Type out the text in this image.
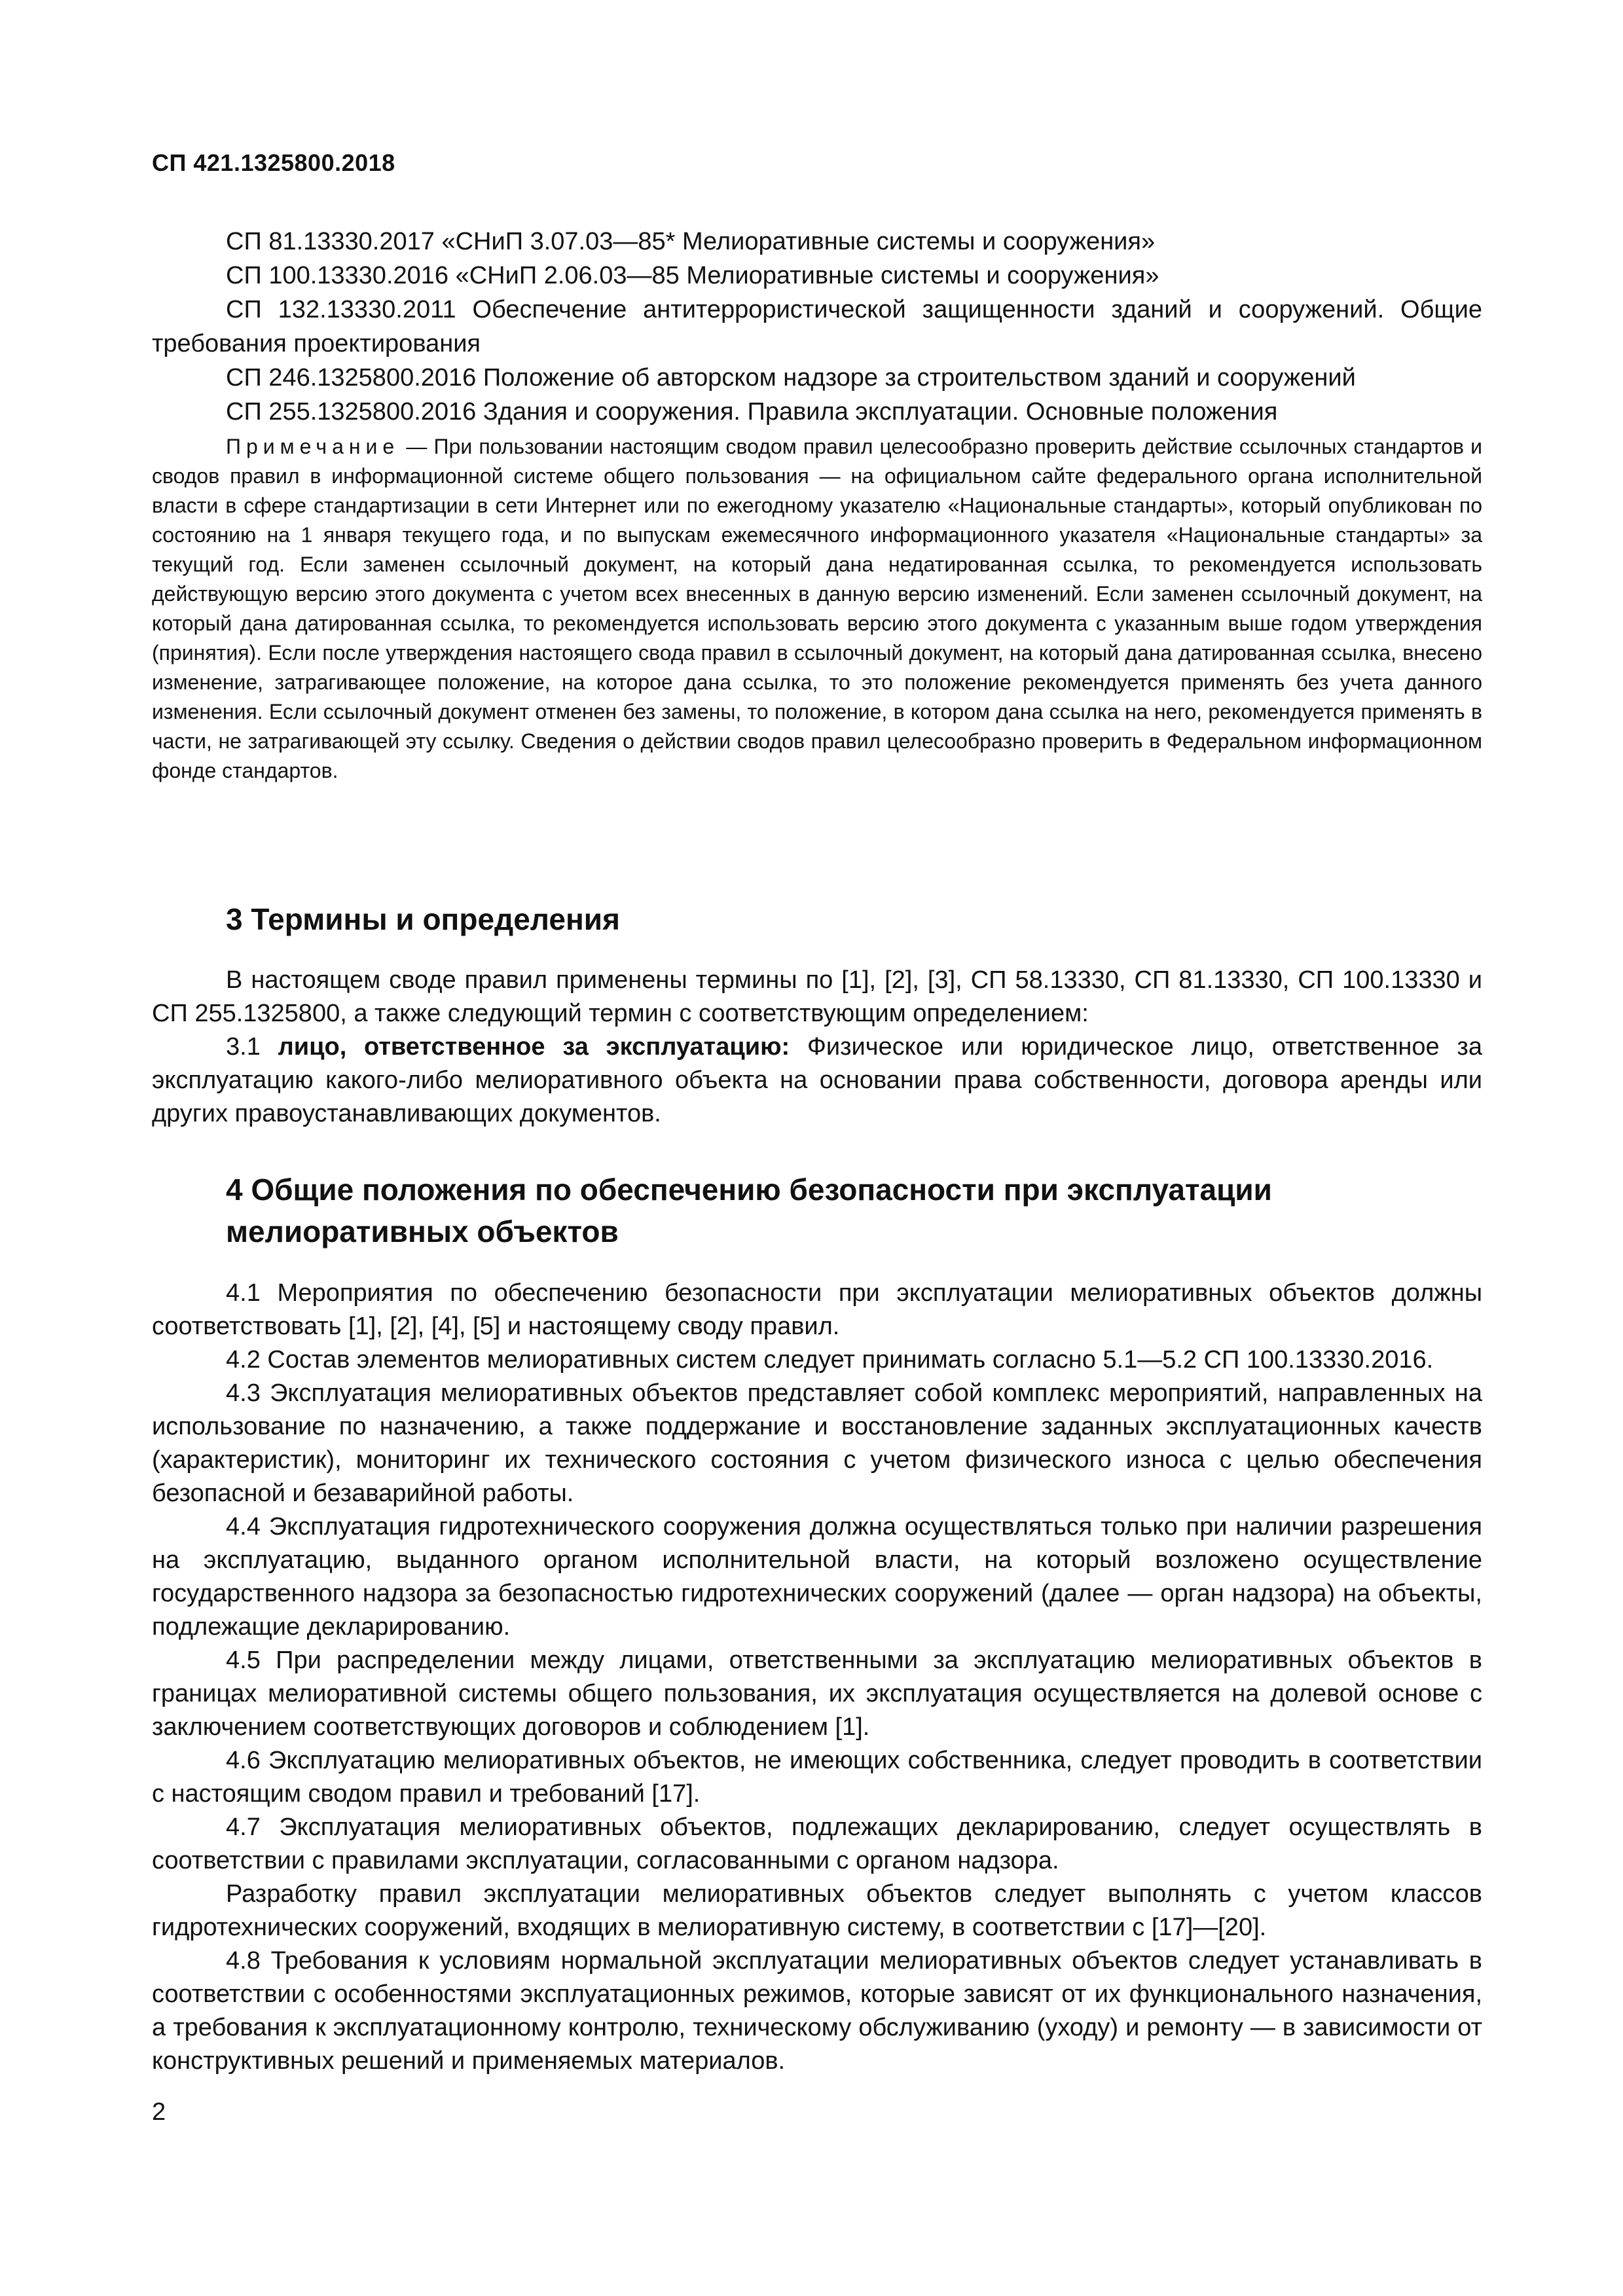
СП 421.1325800.2018

СП 81.13330.2017 «СНиП 3.07.03—85* Мелиоративные системы и сооружения»

СП 100.13330.2016 «СНиП 2.06.03—85 Мелиоративные системы и сооружения»

СП 132.13330.2011 Обеспечение антитеррористической защищенности зданий и сооружений. Общие требования проектирования

СП 246.1325800.2016 Положение об авторском надзоре за строительством зданий и сооружений

СП 255.1325800.2016 Здания и сооружения. Правила эксплуатации. Основные положения

Примечание — При пользовании настоящим сводом правил целесообразно проверить действие ссылочных стандартов и сводов правил в информационной системе общего пользования — на официальном сайте федерального органа исполнительной власти в сфере стандартизации в сети Интернет или по ежегодному указателю «Национальные стандарты», который опубликован по состоянию на 1 января текущего года, и по выпускам ежемесячного информационного указателя «Национальные стандарты» за текущий год. Если заменен ссылочный документ, на который дана недатированная ссылка, то рекомендуется использовать действующую версию этого документа с учетом всех внесенных в данную версию изменений. Если заменен ссылочный документ, на который дана датированная ссылка, то рекомендуется использовать версию этого документа с указанным выше годом утверждения (принятия). Если после утверждения настоящего свода правил в ссылочный документ, на который дана датированная ссылка, внесено изменение, затрагивающее положение, на которое дана ссылка, то это положение рекомендуется применять без учета данного изменения. Если ссылочный документ отменен без замены, то положение, в котором дана ссылка на него, рекомендуется применять в части, не затрагивающей эту ссылку. Сведения о действии сводов правил целесообразно проверить в Федеральном информационном фонде стандартов.

3 Термины и определения

В настоящем своде правил применены термины по [1], [2], [3], СП 58.13330, СП 81.13330, СП 100.13330 и СП 255.1325800, а также следующий термин с соответствующим определением:

3.1 лицо, ответственное за эксплуатацию: Физическое или юридическое лицо, ответственное за эксплуатацию какого-либо мелиоративного объекта на основании права собственности, договора аренды или других правоустанавливающих документов.

4 Общие положения по обеспечению безопасности при эксплуатации мелиоративных объектов

4.1 Мероприятия по обеспечению безопасности при эксплуатации мелиоративных объектов должны соответствовать [1], [2], [4], [5] и настоящему своду правил.

4.2 Состав элементов мелиоративных систем следует принимать согласно 5.1—5.2 СП 100.13330.2016.

4.3 Эксплуатация мелиоративных объектов представляет собой комплекс мероприятий, направленных на использование по назначению, а также поддержание и восстановление заданных эксплуатационных качеств (характеристик), мониторинг их технического состояния с учетом физического износа с целью обеспечения безопасной и безаварийной работы.

4.4 Эксплуатация гидротехнического сооружения должна осуществляться только при наличии разрешения на эксплуатацию, выданного органом исполнительной власти, на который возложено осуществление государственного надзора за безопасностью гидротехнических сооружений (далее — орган надзора) на объекты, подлежащие декларированию.

4.5 При распределении между лицами, ответственными за эксплуатацию мелиоративных объектов в границах мелиоративной системы общего пользования, их эксплуатация осуществляется на долевой основе с заключением соответствующих договоров и соблюдением [1].

4.6 Эксплуатацию мелиоративных объектов, не имеющих собственника, следует проводить в соответствии с настоящим сводом правил и требований [17].

4.7 Эксплуатация мелиоративных объектов, подлежащих декларированию, следует осуществлять в соответствии с правилами эксплуатации, согласованными с органом надзора.

Разработку правил эксплуатации мелиоративных объектов следует выполнять с учетом классов гидротехнических сооружений, входящих в мелиоративную систему, в соответствии с [17]—[20].

4.8 Требования к условиям нормальной эксплуатации мелиоративных объектов следует устанавливать в соответствии с особенностями эксплуатационных режимов, которые зависят от их функционального назначения, а требования к эксплуатационному контролю, техническому обслуживанию (уходу) и ремонту — в зависимости от конструктивных решений и применяемых материалов.

2
